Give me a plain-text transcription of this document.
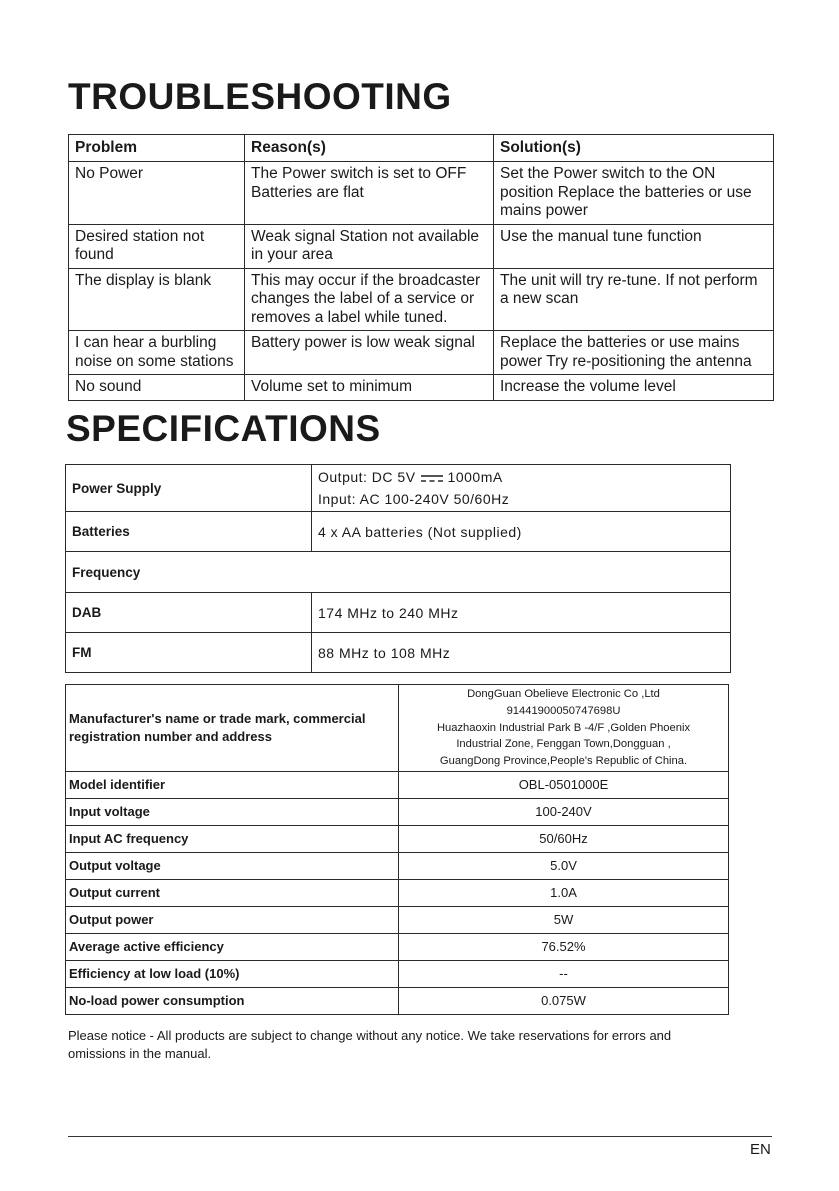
TROUBLESHOOTING
Problem	Reason(s)	Solution(s)
No Power	The Power switch is set to OFF Batteries are flat	Set the Power switch to the ON position Replace the batteries or use mains power
Desired station not found	Weak signal Station not available in your area	Use the manual tune function
The display is blank	This may occur if the broadcaster changes the label of a service or removes a label while tuned.	The unit will try re-tune. If not perform a new scan
I can hear a burbling noise on some stations	Battery power is low weak signal	Replace the batteries or use mains power Try re-positioning the antenna
No sound	Volume set to minimum	Increase the volume level
SPECIFICATIONS
Power Supply	Output: DC 5V 1000mA
Input: AC 100-240V 50/60Hz

Batteries	4 x AA batteries (Not supplied)
Frequency	
DAB	174 MHz to 240 MHz
FM	88 MHz to 108 MHz
Manufacturer's name or trade mark, commercial registration number and address	DongGuan Obelieve Electronic Co ,Ltd
91441900050747698U
Huazhaoxin Industrial Park B -4/F ,Golden Phoenix
Industrial Zone, Fenggan Town,Dongguan ,
GuangDong Province,People's Republic of China.

Model identifier	OBL-0501000E
Input voltage	100-240V
Input AC frequency	50/60Hz
Output voltage	5.0V
Output current	1.0A
Output power	5W
Average active efficiency	76.52%
Efficiency at low load (10%)	--
No-load power consumption	0.075W

Please notice - All products are subject to change without any notice. We take reservations for errors and omissions in the manual.

EN
